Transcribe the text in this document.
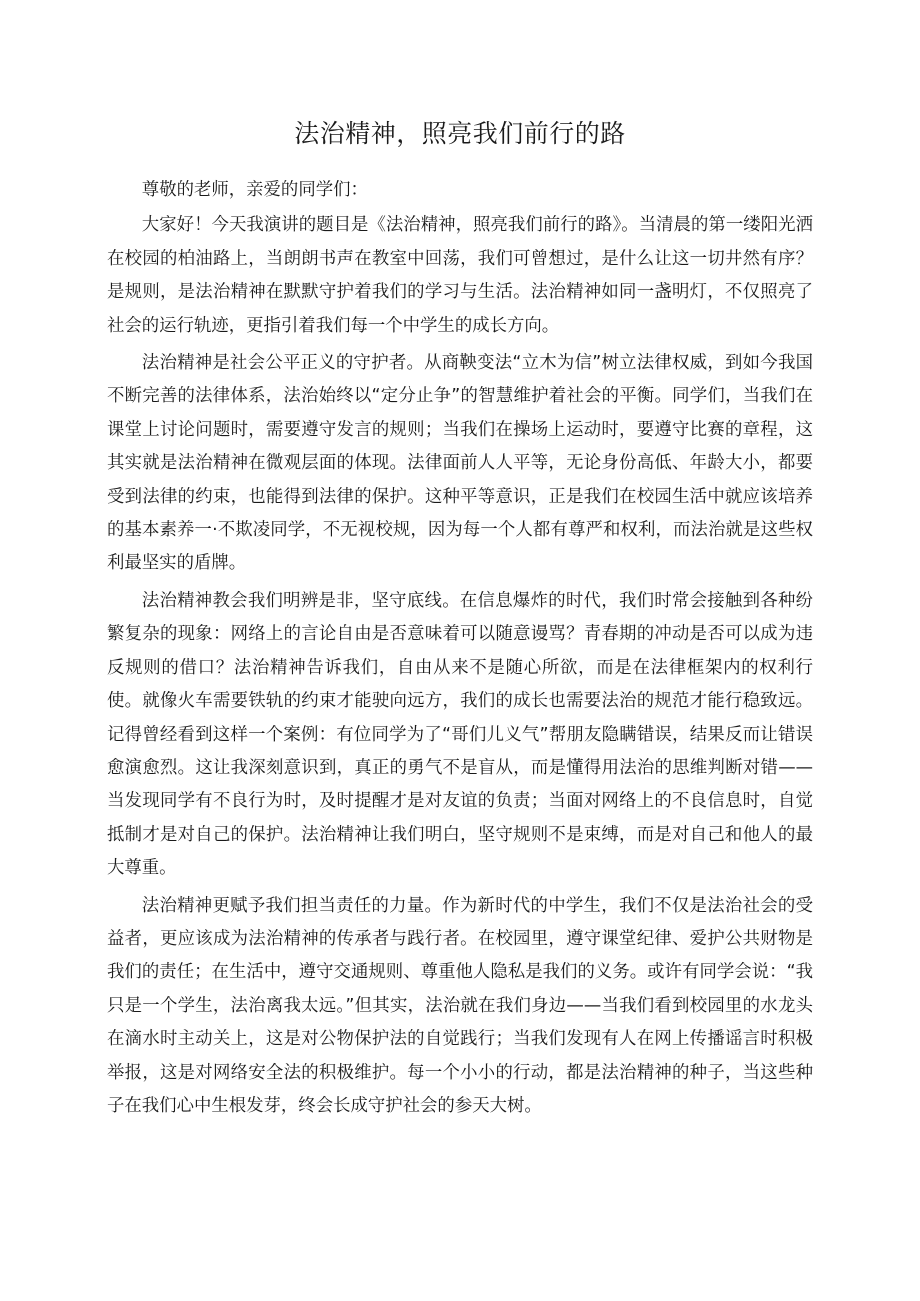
法治精神，照亮我们前行的路

尊敬的老师，亲爱的同学们：

大家好！今天我演讲的题目是《法治精神，照亮我们前行的路》。当清晨的第一缕阳光洒在校园的柏油路上，当朗朗书声在教室中回荡，我们可曾想过，是什么让这一切井然有序？是规则，是法治精神在默默守护着我们的学习与生活。法治精神如同一盏明灯，不仅照亮了社会的运行轨迹，更指引着我们每一个中学生的成长方向。

法治精神是社会公平正义的守护者。从商鞅变法“立木为信”树立法律权威，到如今我国不断完善的法律体系，法治始终以“定分止争”的智慧维护着社会的平衡。同学们，当我们在课堂上讨论问题时，需要遵守发言的规则；当我们在操场上运动时，要遵守比赛的章程，这其实就是法治精神在微观层面的体现。法律面前人人平等，无论身份高低、年龄大小，都要受到法律的约束，也能得到法律的保护。这种平等意识，正是我们在校园生活中就应该培养的基本素养一·不欺凌同学，不无视校规，因为每一个人都有尊严和权利，而法治就是这些权利最坚实的盾牌。

法治精神教会我们明辨是非，坚守底线。在信息爆炸的时代，我们时常会接触到各种纷繁复杂的现象：网络上的言论自由是否意味着可以随意谩骂？青春期的冲动是否可以成为违反规则的借口？法治精神告诉我们，自由从来不是随心所欲，而是在法律框架内的权利行使。就像火车需要铁轨的约束才能驶向远方，我们的成长也需要法治的规范才能行稳致远。记得曾经看到这样一个案例：有位同学为了“哥们儿义气”帮朋友隐瞒错误，结果反而让错误愈演愈烈。这让我深刻意识到，真正的勇气不是盲从，而是懂得用法治的思维判断对错——当发现同学有不良行为时，及时提醒才是对友谊的负责；当面对网络上的不良信息时，自觉抵制才是对自己的保护。法治精神让我们明白，坚守规则不是束缚，而是对自己和他人的最大尊重。

法治精神更赋予我们担当责任的力量。作为新时代的中学生，我们不仅是法治社会的受益者，更应该成为法治精神的传承者与践行者。在校园里，遵守课堂纪律、爱护公共财物是我们的责任；在生活中，遵守交通规则、尊重他人隐私是我们的义务。或许有同学会说：“我只是一个学生，法治离我太远。”但其实，法治就在我们身边——当我们看到校园里的水龙头在滴水时主动关上，这是对公物保护法的自觉践行；当我们发现有人在网上传播谣言时积极举报，这是对网络安全法的积极维护。每一个小小的行动，都是法治精神的种子，当这些种子在我们心中生根发芽，终会长成守护社会的参天大树。
